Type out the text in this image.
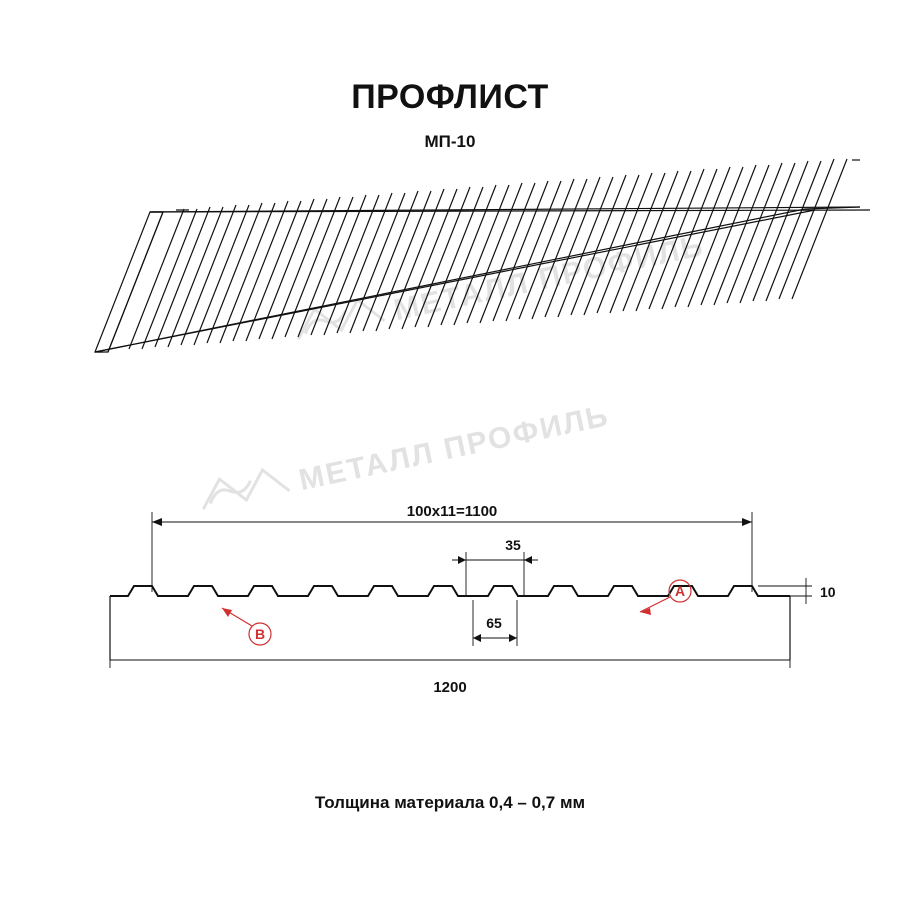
ПРОФЛИСТ
МП-10
Толщина материала 0,4 – 0,7 мм
МЕТАЛЛ ПРОФИЛЬ
МЕТАЛЛ ПРОФИЛЬ
100x11=1100
35
65
1200
10
A
B
